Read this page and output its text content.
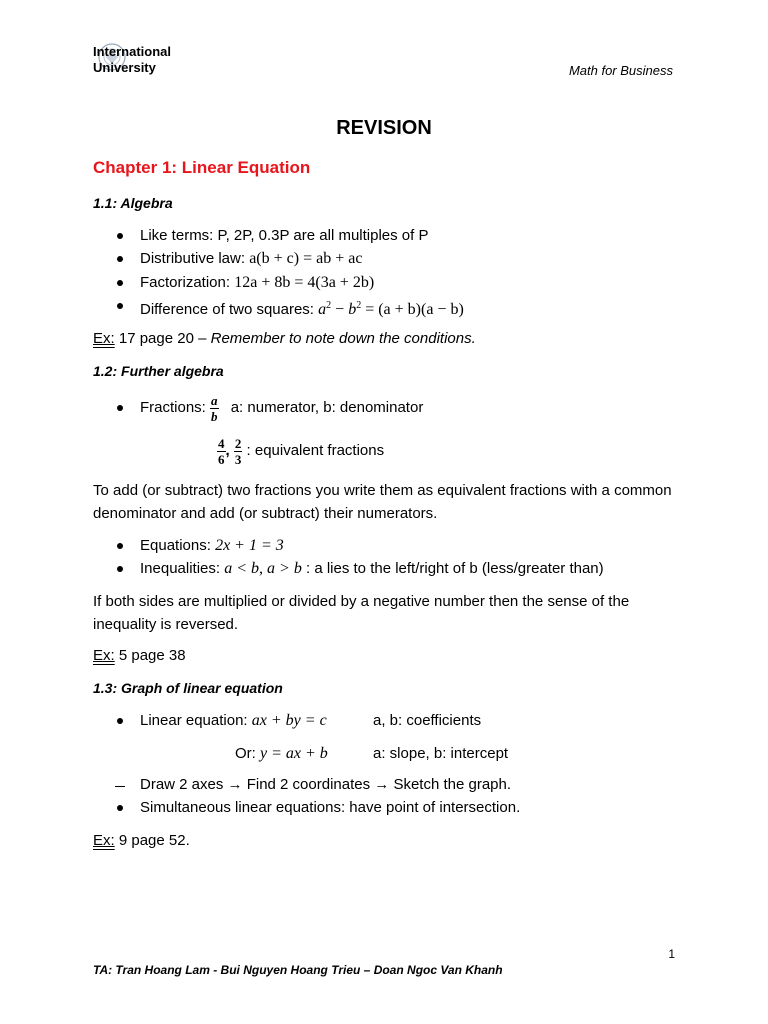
International
University	Math for Business
REVISION
Chapter 1: Linear Equation
1.1: Algebra
Like terms: P, 2P, 0.3P are all multiples of P
Distributive law: a(b + c) = ab + ac
Factorization: 12a + 8b = 4(3a + 2b)
Difference of two squares: $a^2 - b^2 = (a + b)(a - b)$
Ex: 17 page 20 – Remember to note down the conditions.
1.2: Further algebra
Fractions: $\frac{a}{b} a$: numerator, b: denominator
$\frac{4}{6}$ , $\frac{2}{3}$ : equivalent fractions
To add (or subtract) two fractions you write them as equivalent fractions with a common denominator and add (or subtract) their numerators.
Equations: 2x + 1 = 3
Inequalities: a < b, a > b : a lies to the left/right of b (less/greater than)
If both sides are multiplied or divided by a negative number then the sense of the inequality is reversed.
Ex: 5 page 38
1.3: Graph of linear equation
Linear equation: ax + by = c	a, b: coefficients
Or: y = ax + b	a: slope, b: intercept
Draw 2 axes → Find 2 coordinates → Sketch the graph.
Simultaneous linear equations: have point of intersection.
Ex: 9 page 52.
1
TA: Tran Hoang Lam - Bui Nguyen Hoang Trieu – Doan Ngoc Van Khanh
